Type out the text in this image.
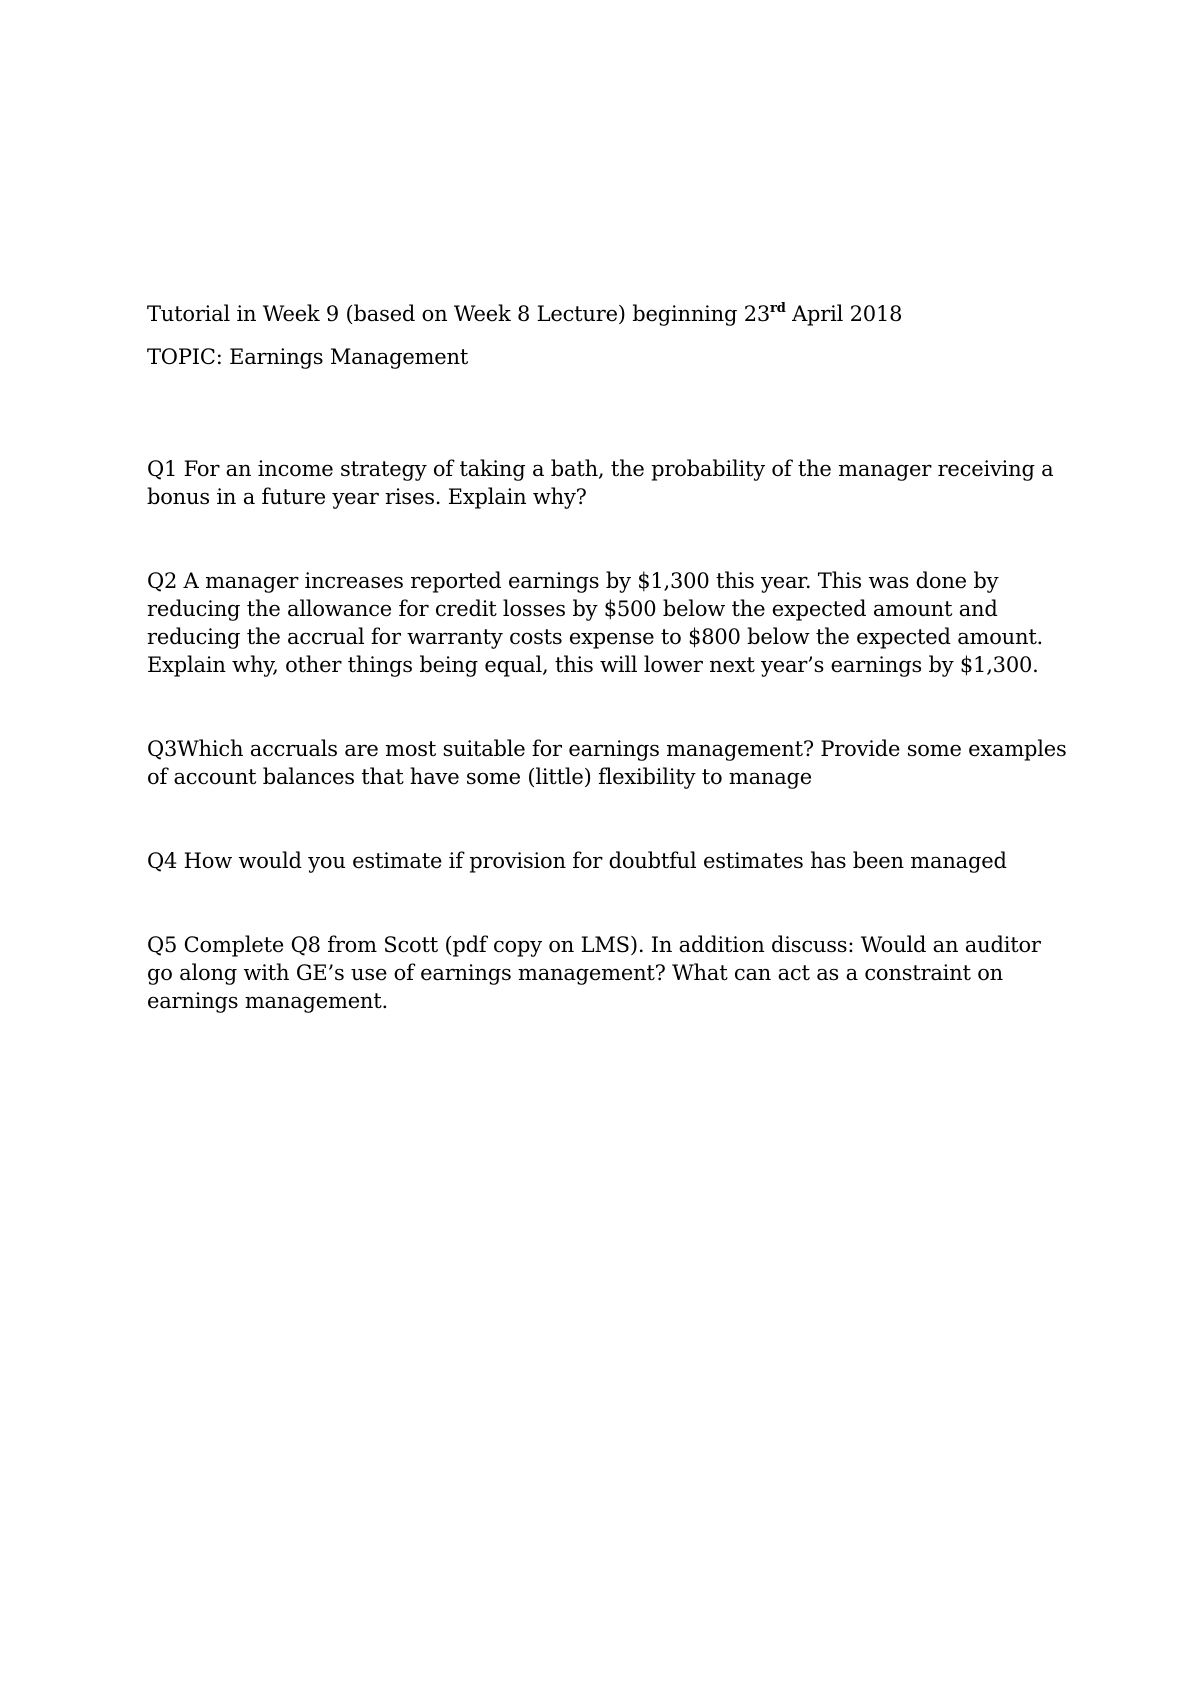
Tutorial in Week 9 (based on Week 8 Lecture) beginning 23rd April 2018

TOPIC: Earnings Management

Q1 For an income strategy of taking a bath, the probability of the manager receiving a bonus in a future year rises. Explain why?

Q2 A manager increases reported earnings by $1,300 this year. This was done by reducing the allowance for credit losses by $500 below the expected amount and reducing the accrual for warranty costs expense to $800 below the expected amount. Explain why, other things being equal, this will lower next year’s earnings by $1,300.

Q3Which accruals are most suitable for earnings management? Provide some examples of account balances that have some (little) flexibility to manage

Q4 How would you estimate if provision for doubtful estimates has been managed

Q5 Complete Q8 from Scott (pdf copy on LMS). In addition discuss: Would an auditor go along with GE’s use of earnings management? What can act as a constraint on earnings management.
